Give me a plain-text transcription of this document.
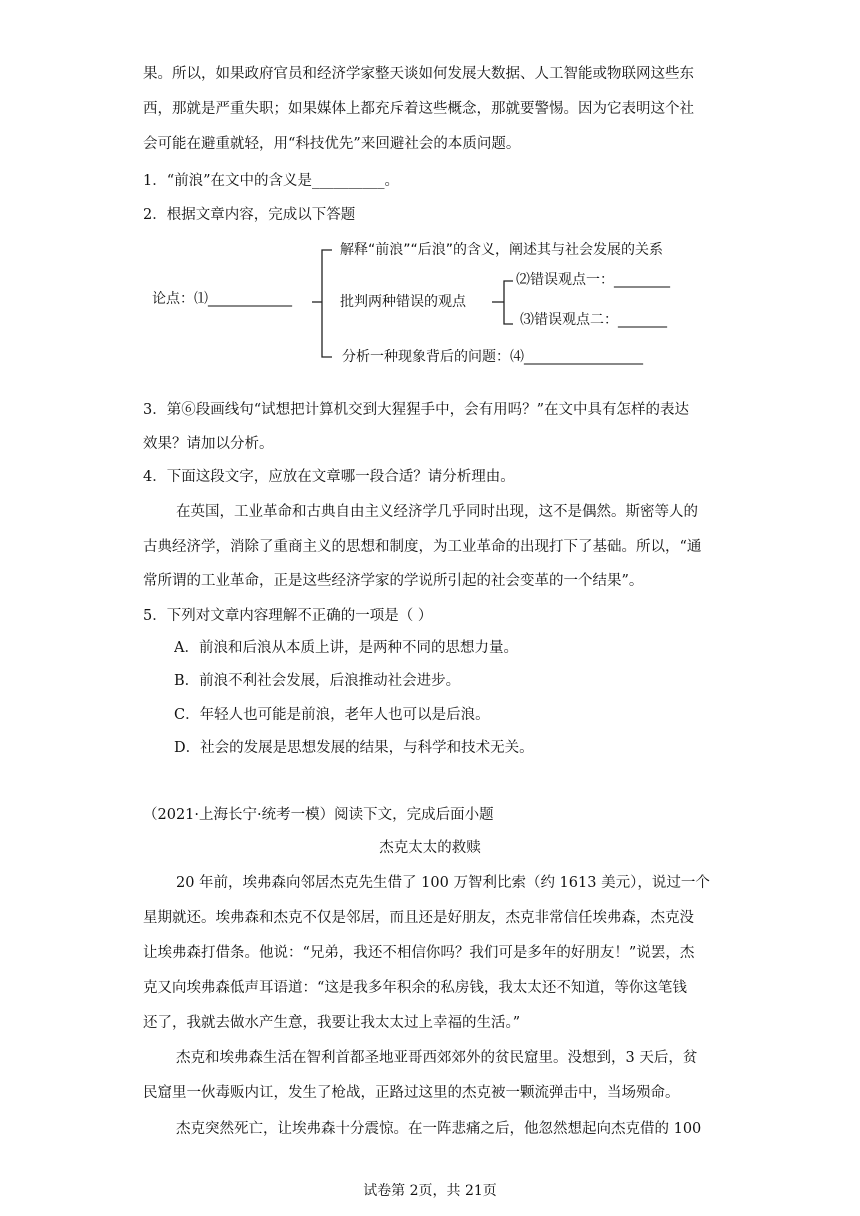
果。所以，如果政府官员和经济学家整天谈如何发展大数据、人工智能或物联网这些东
西，那就是严重失职；如果媒体上都充斥着这些概念，那就要警惕。因为它表明这个社
会可能在避重就轻，用“科技优先”来回避社会的本质问题。
1．“前浪”在文中的含义是__________。
2．根据文章内容，完成以下答题
论点：⑴____________
解释“前浪”“后浪”的含义，阐述其与社会发展的关系
批判两种错误的观点
⑵错误观点一：________
⑶错误观点二：_______
分析一种现象背后的问题：⑷_________________
3．第⑥段画线句“试想把计算机交到大猩猩手中，会有用吗？”在文中具有怎样的表达
效果？请加以分析。
4．下面这段文字，应放在文章哪一段合适？请分析理由。
在英国，工业革命和古典自由主义经济学几乎同时出现，这不是偶然。斯密等人的
古典经济学，消除了重商主义的思想和制度，为工业革命的出现打下了基础。所以，“通
常所谓的工业革命，正是这些经济学家的学说所引起的社会变革的一个结果”。
5．下列对文章内容理解不正确的一项是（ ）
A．前浪和后浪从本质上讲，是两种不同的思想力量。
B．前浪不利社会发展，后浪推动社会进步。
C．年轻人也可能是前浪，老年人也可以是后浪。
D．社会的发展是思想发展的结果，与科学和技术无关。
（2021·上海长宁·统考一模）阅读下文，完成后面小题
杰克太太的救赎
20 年前，埃弗森向邻居杰克先生借了 100 万智利比索（约 1613 美元），说过一个
星期就还。埃弗森和杰克不仅是邻居，而且还是好朋友，杰克非常信任埃弗森，杰克没
让埃弗森打借条。他说：“兄弟，我还不相信你吗？我们可是多年的好朋友！”说罢，杰
克又向埃弗森低声耳语道：“这是我多年积余的私房钱，我太太还不知道，等你这笔钱
还了，我就去做水产生意，我要让我太太过上幸福的生活。”
杰克和埃弗森生活在智利首都圣地亚哥西郊郊外的贫民窟里。没想到，3 天后，贫
民窟里一伙毒贩内讧，发生了枪战，正路过这里的杰克被一颗流弹击中，当场殒命。
杰克突然死亡，让埃弗森十分震惊。在一阵悲痛之后，他忽然想起向杰克借的 100
试卷第 2页，共 21页
